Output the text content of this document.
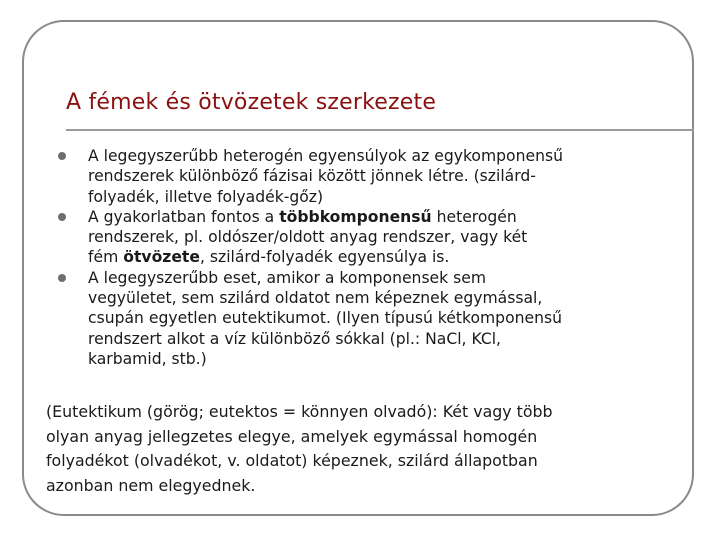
A fémek és ötvözetek szerkezete
A legegyszerűbb heterogén egyensúlyok az egykomponensű
rendszerek különböző fázisai között jönnek létre. (szilárd-
folyadék, illetve folyadék-gőz)
A gyakorlatban fontos a többkomponensű heterogén
rendszerek, pl. oldószer/oldott anyag rendszer, vagy két
fém ötvözete, szilárd-folyadék egyensúlya is.
A legegyszerűbb eset, amikor a komponensek sem
vegyületet, sem szilárd oldatot nem képeznek egymással,
csupán egyetlen eutektikumot. (Ilyen típusú kétkomponensű
rendszert alkot a víz különböző sókkal (pl.: NaCl, KCl,
karbamid, stb.)
(Eutektikum (görög; eutektos = könnyen olvadó): Két vagy több
olyan anyag jellegzetes elegye, amelyek egymással homogén
folyadékot (olvadékot, v. oldatot) képeznek, szilárd állapotban
azonban nem elegyednek.
